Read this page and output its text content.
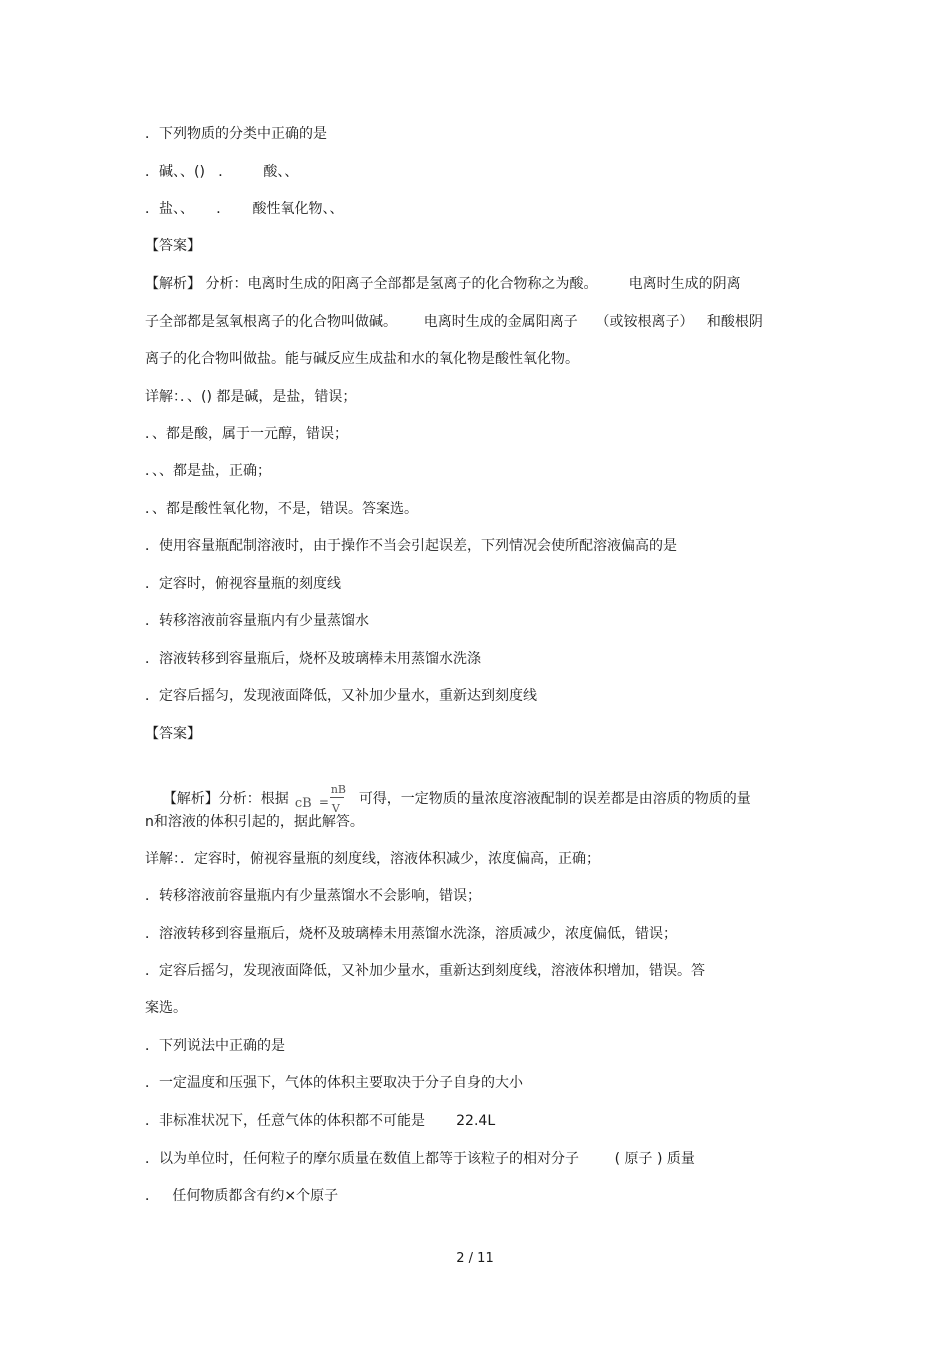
．下列物质的分类中正确的是
．碱、、()   ．       酸、、
．盐、、     ．     酸性氧化物、、
【答案】
【解析】 分析：电离时生成的阳离子全部都是氢离子的化合物称之为酸。       电离时生成的阴离
子全部都是氢氧根离子的化合物叫做碱。      电离时生成的金属阳离子    （或铵根离子）   和酸根阴
离子的化合物叫做盐。能与碱反应生成盐和水的氧化物是酸性氧化物。
详解：．、() 都是碱，是盐，错误；
．、都是酸，属于一元醇，错误；
．、、都是盐，正确；
．、都是酸性氧化物，不是，错误。答案选。
．使用容量瓶配制溶液时，由于操作不当会引起误差，下列情况会使所配溶液偏高的是
．定容时，俯视容量瓶的刻度线
．转移溶液前容量瓶内有少量蒸馏水
．溶液转移到容量瓶后，烧杯及玻璃棒未用蒸馏水洗涤
．定容后摇匀，发现液面降低，又补加少量水，重新达到刻度线
【答案】

【解析】分析：根据 cB =
nB
V
可得，一定物质的量浓度溶液配制的误差都是由溶质的物质的量

n和溶液的体积引起的，据此解答。
详解：．定容时，俯视容量瓶的刻度线，溶液体积减少，浓度偏高，正确；
．转移溶液前容量瓶内有少量蒸馏水不会影响，错误；
．溶液转移到容量瓶后，烧杯及玻璃棒未用蒸馏水洗涤，溶质减少，浓度偏低，错误；
．定容后摇匀，发现液面降低，又补加少量水，重新达到刻度线，溶液体积增加，错误。答
案选。
．下列说法中正确的是
．一定温度和压强下，气体的体积主要取决于分子自身的大小
．非标准状况下，任意气体的体积都不可能是       22.4L
．以为单位时，任何粒子的摩尔质量在数值上都等于该粒子的相对分子        ( 原子 ) 质量
．   任何物质都含有约×个原子
2 / 11
